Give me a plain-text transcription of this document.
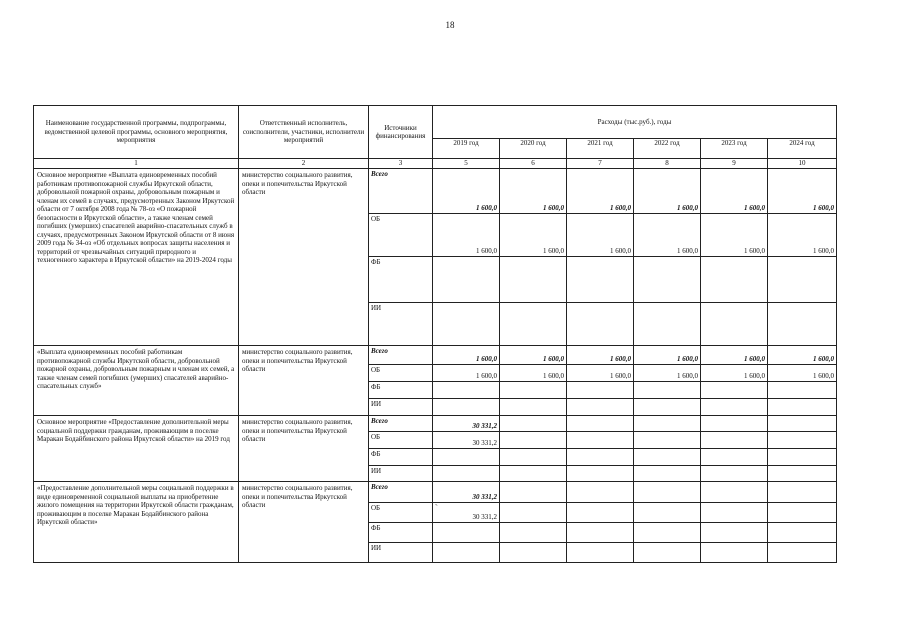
18
Наименование государственной программы, подпрограммы, ведомственной целевой программы, основного мероприятия, мероприятия	Ответственный исполнитель, соисполнители, участники, исполнители мероприятий	Источники финансирования	Расходы (тыс.руб.), годы					
			2019 год	2020 год	2021 год	2022 год	2023 год	2024 год
1	2	3	5	6	7	8	9	10
Основное мероприятие «Выплата единовременных пособий работникам противопожарной службы Иркутской области, добровольной пожарной охраны, добровольным пожарным и членам их семей в случаях, предусмотренных Законом Иркутской области от 7 октября 2008 года № 78-оз «О пожарной безопасности в Иркутской области», а также членам семей погибших (умерших) спасателей аварийно-спасательных служб в случаях, предусмотренных Законом Иркутской области от 8 июня 2009 года № 34-оз «Об отдельных вопросах защиты населения и территорий от чрезвычайных ситуаций природного и техногенного характера в Иркутской области» на 2019-2024 годы	министерство социального развития, опеки и попечительства Иркутской области	Всего	1 600,0	1 600,0	1 600,0	1 600,0	1 600,0	1 600,0
		ОБ	1 600,0	1 600,0	1 600,0	1 600,0	1 600,0	1 600,0
		ФБ						
		ИИ						
«Выплата единовременных пособий работникам противопожарной службы Иркутской области, добровольной пожарной охраны, добровольным пожарным и членам их семей, а также членам семей погибших (умерших) спасателей аварийно-спасательных служб»	министерство социального развития, опеки и попечительства Иркутской области	Всего	1 600,0	1 600,0	1 600,0	1 600,0	1 600,0	1 600,0
		ОБ	1 600,0	1 600,0	1 600,0	1 600,0	1 600,0	1 600,0
		ФБ						
		ИИ						
Основное мероприятие «Предоставление дополнительной меры социальной поддержки гражданам, проживающим в поселке Маракан Бодайбинского района Иркутской области» на 2019 год	министерство социального развития, опеки и попечительства Иркутской области	Всего	30 331,2					
		ОБ	30 331,2					
		ФБ						
		ИИ						
«Предоставление дополнительной меры социальной поддержки в виде единовременной социальной выплаты на приобретение жилого помещения на территории Иркутской области гражданам, проживающим в поселке Маракан Бодайбинского района Иркутской области»	министерство социального развития, опеки и попечительства Иркутской области	Всего	30 331,2					
		ОБ	30 331,2					
		ФБ						
		ИИ						
ˋ
